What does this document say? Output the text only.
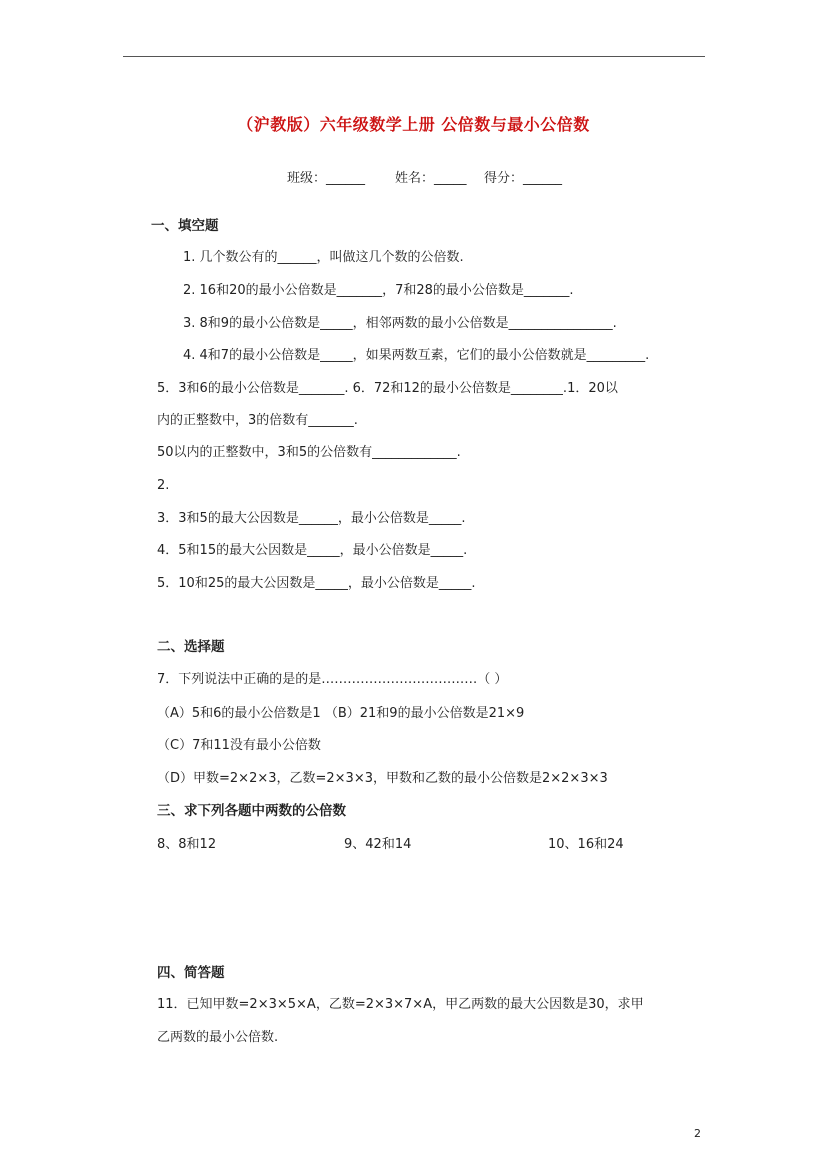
（沪教版）六年级数学上册 公倍数与最小公倍数
班级：______ 姓名：_____ 得分：______
一、填空题
1. 几个数公有的______，叫做这几个数的公倍数.
2. 16和20的最小公倍数是_______，7和28的最小公倍数是_______.
3. 8和9的最小公倍数是_____，相邻两数的最小公倍数是________________.
4. 4和7的最小公倍数是_____，如果两数互素，它们的最小公倍数就是_________.
5．3和6的最小公倍数是_______. 6．72和12的最小公倍数是________.1．20以
内的正整数中，3的倍数有_______.
50以内的正整数中，3和5的公倍数有_____________.
2.
3．3和5的最大公因数是______，最小公倍数是_____.
4．5和15的最大公因数是_____，最小公倍数是_____.
5．10和25的最大公因数是_____，最小公倍数是_____.
二、选择题
7．下列说法中正确的是的是………………………………（ ）
（A）5和6的最小公倍数是1 （B）21和9的最小公倍数是21×9
（C）7和11没有最小公倍数
（D）甲数=2×2×3，乙数=2×3×3，甲数和乙数的最小公倍数是2×2×3×3
三、求下列各题中两数的公倍数
8、8和12	9、42和14	10、16和24
四、简答题
11．已知甲数=2×3×5×A，乙数=2×3×7×A，甲乙两数的最大公因数是30，求甲
乙两数的最小公倍数.
2
